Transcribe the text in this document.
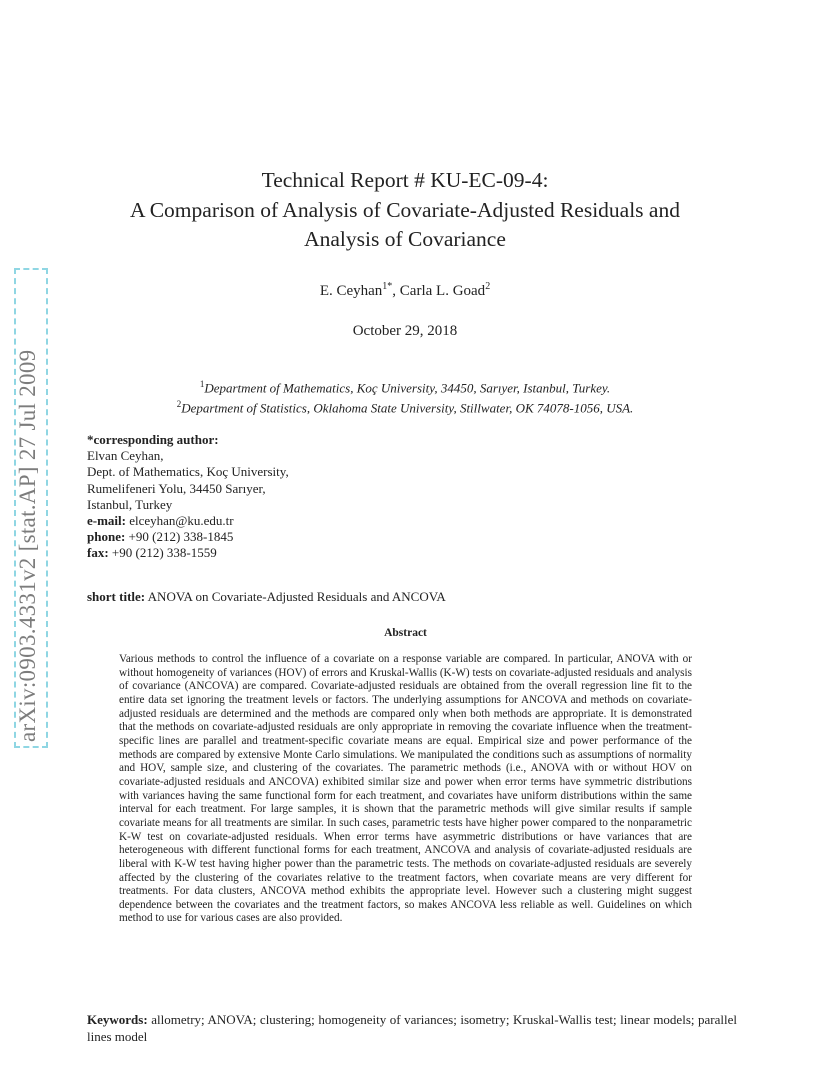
arXiv:0903.4331v2 [stat.AP] 27 Jul 2009
Technical Report # KU-EC-09-4:
A Comparison of Analysis of Covariate-Adjusted Residuals and
Analysis of Covariance
E. Ceyhan$^{1*}$, Carla L. Goad$^2$
October 29, 2018
$^1$Department of Mathematics, Koç University, 34450, Sarıyer, Istanbul, Turkey.
$^2$Department of Statistics, Oklahoma State University, Stillwater, OK 74078-1056, USA.
*corresponding author:
Elvan Ceyhan,
Dept. of Mathematics, Koç University,
Rumelifeneri Yolu, 34450 Sarıyer,
Istanbul, Turkey
e-mail: elceyhan@ku.edu.tr
phone: +90 (212) 338-1845
fax: +90 (212) 338-1559
short title: ANOVA on Covariate-Adjusted Residuals and ANCOVA
Abstract
Various methods to control the influence of a covariate on a response variable are compared. In particular, ANOVA with or without homogeneity of variances (HOV) of errors and Kruskal-Wallis (K-W) tests on covariate-adjusted residuals and analysis of covariance (ANCOVA) are compared. Covariate-adjusted residuals are obtained from the overall regression line fit to the entire data set ignoring the treatment levels or factors. The underlying assumptions for ANCOVA and methods on covariate-adjusted residuals are determined and the methods are compared only when both methods are appropriate. It is demonstrated that the methods on covariate-adjusted residuals are only appropriate in removing the covariate influence when the treatment-specific lines are parallel and treatment-specific covariate means are equal. Empirical size and power performance of the methods are compared by extensive Monte Carlo simulations. We manipulated the conditions such as assumptions of normality and HOV, sample size, and clustering of the covariates. The parametric methods (i.e., ANOVA with or without HOV on covariate-adjusted residuals and ANCOVA) exhibited similar size and power when error terms have symmetric distributions with variances having the same functional form for each treatment, and covariates have uniform distributions within the same interval for each treatment. For large samples, it is shown that the parametric methods will give similar results if sample covariate means for all treatments are similar. In such cases, parametric tests have higher power compared to the nonparametric K-W test on covariate-adjusted residuals. When error terms have asymmetric distributions or have variances that are heterogeneous with different functional forms for each treatment, ANCOVA and analysis of covariate-adjusted residuals are liberal with K-W test having higher power than the parametric tests. The methods on covariate-adjusted residuals are severely affected by the clustering of the covariates relative to the treatment factors, when covariate means are very different for treatments. For data clusters, ANCOVA method exhibits the appropriate level. However such a clustering might suggest dependence between the covariates and the treatment factors, so makes ANCOVA less reliable as well. Guidelines on which method to use for various cases are also provided.
Keywords: allometry; ANOVA; clustering; homogeneity of variances; isometry; Kruskal-Wallis test; linear models; parallel lines model
